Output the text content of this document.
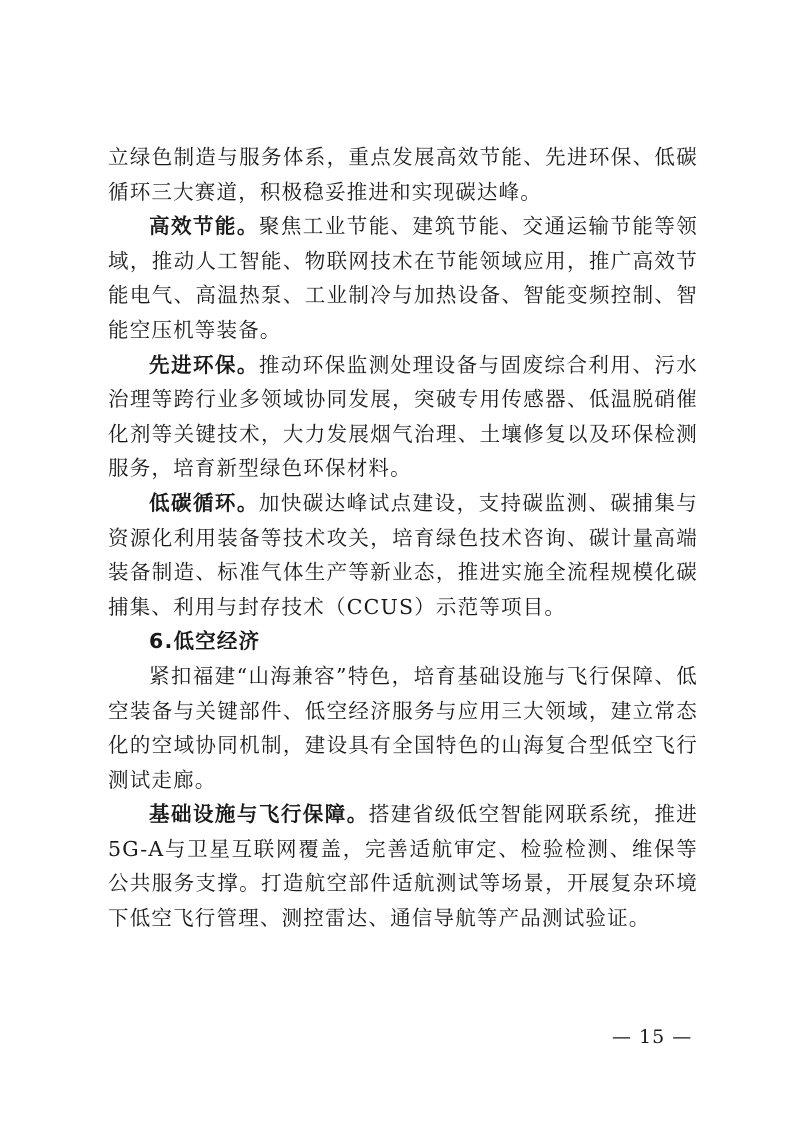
立绿色制造与服务体系，重点发展高效节能、先进环保、低碳循环三大赛道，积极稳妥推进和实现碳达峰。

高效节能。聚焦工业节能、建筑节能、交通运输节能等领域，推动人工智能、物联网技术在节能领域应用，推广高效节能电气、高温热泵、工业制冷与加热设备、智能变频控制、智能空压机等装备。

先进环保。推动环保监测处理设备与固废综合利用、污水治理等跨行业多领域协同发展，突破专用传感器、低温脱硝催化剂等关键技术，大力发展烟气治理、土壤修复以及环保检测服务，培育新型绿色环保材料。

低碳循环。加快碳达峰试点建设，支持碳监测、碳捕集与资源化利用装备等技术攻关，培育绿色技术咨询、碳计量高端装备制造、标准气体生产等新业态，推进实施全流程规模化碳捕集、利用与封存技术（CCUS）示范等项目。

6.低空经济

紧扣福建“山海兼容”特色，培育基础设施与飞行保障、低空装备与关键部件、低空经济服务与应用三大领域，建立常态化的空域协同机制，建设具有全国特色的山海复合型低空飞行测试走廊。

基础设施与飞行保障。搭建省级低空智能网联系统，推进5G-A与卫星互联网覆盖，完善适航审定、检验检测、维保等公共服务支撑。打造航空部件适航测试等场景，开展复杂环境下低空飞行管理、测控雷达、通信导航等产品测试验证。

— 15 —
